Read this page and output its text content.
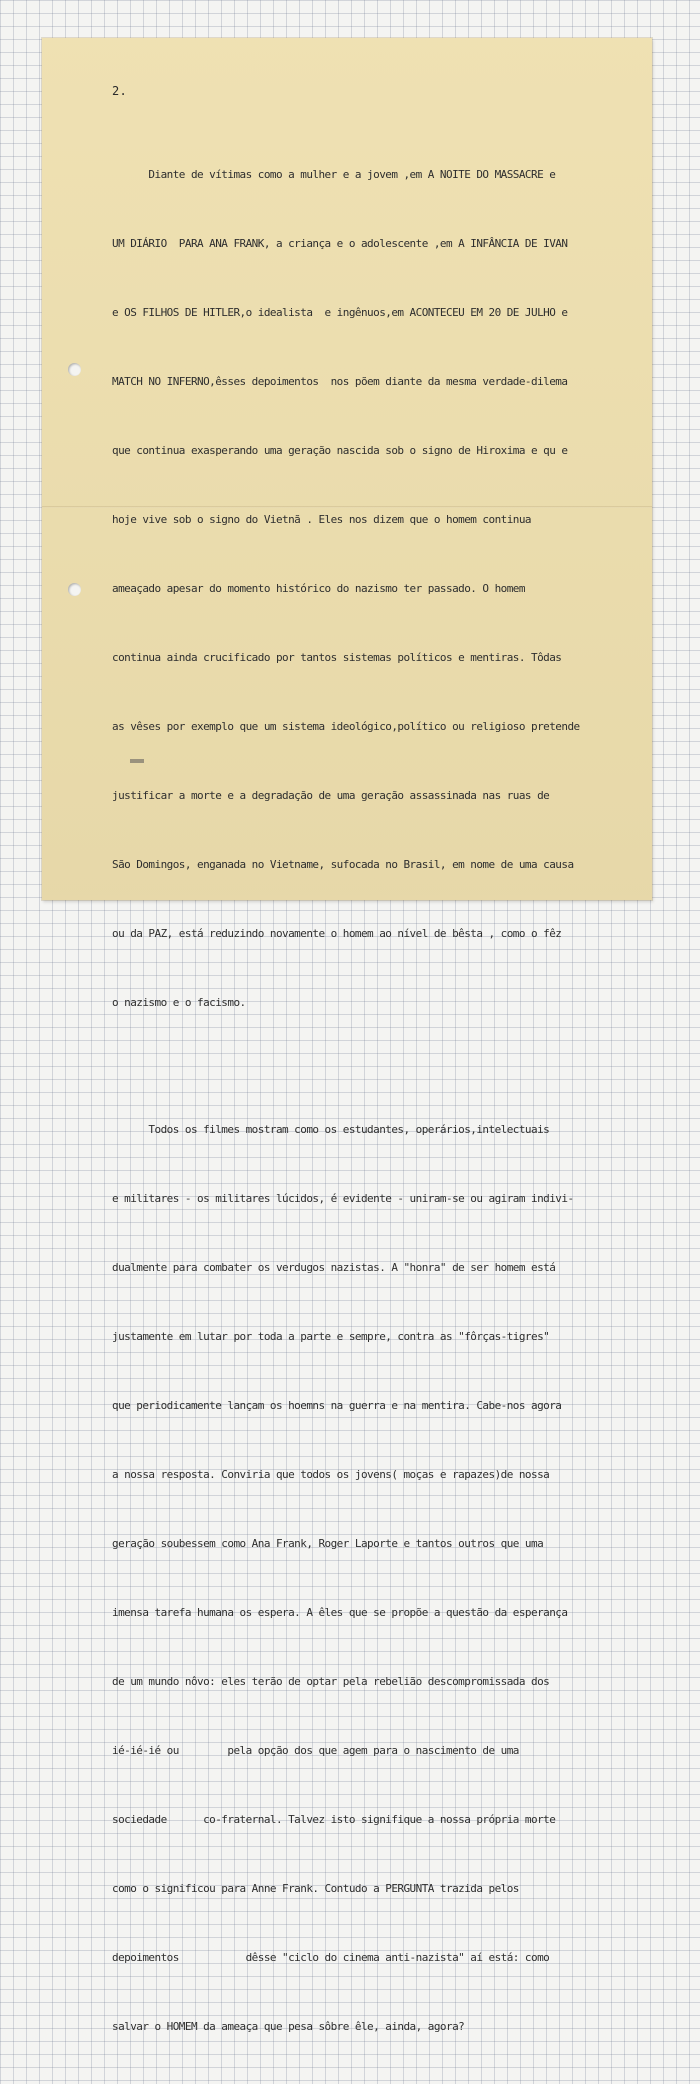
2.

Diante de vítimas como a mulher e a jovem ,em A NOITE DO MASSACRE e

UM DIÁRIO  PARA ANA FRANK, a criança e o adolescente ,em A INFÂNCIA DE IVAN

e OS FILHOS DE HITLER,o idealista  e ingênuos,em ACONTECEU EM 20 DE JULHO e

MATCH NO INFERNO,êsses depoimentos  nos põem diante da mesma verdade-dilema

que continua exasperando uma geração nascida sob o signo de Hiroxima e qu e

hoje vive sob o signo do Vietnã . Eles nos dizem que o homem continua

ameaçado apesar do momento histórico do nazismo ter passado. O homem

continua ainda crucificado por tantos sistemas políticos e mentiras. Tôdas

as vêses por exemplo que um sistema ideológico,político ou religioso pretende

justificar a morte e a degradação de uma geração assassinada nas ruas de

São Domingos, enganada no Vietname, sufocada no Brasil, em nome de uma causa

ou da PAZ, está reduzindo novamente o homem ao nível de bêsta , como o fêz

o nazismo e o facismo.

Todos os filmes mostram como os estudantes, operários,intelectuais

e militares - os militares lúcidos, é evidente - uniram-se ou agiram indivi-

dualmente para combater os verdugos nazistas. A "honra" de ser homem está

justamente em lutar por toda a parte e sempre, contra as "fôrças-tigres"

que periodicamente lançam os hoemns na guerra e na mentira. Cabe-nos agora

a nossa resposta. Conviria que todos os jovens( moças e rapazes)de nossa

geração soubessem como Ana Frank, Roger Laporte e tantos outros que uma

imensa tarefa humana os espera. A êles que se propõe a questão da esperança

de um mundo nôvo: eles terão de optar pela rebelião descompromissada dos

ié-ié-ié ou        pela opção dos que agem para o nascimento de uma

sociedade      co-fraternal. Talvez isto signifique a nossa própria morte

como o significou para Anne Frank. Contudo a PERGUNTA trazida pelos

depoimentos           dêsse "ciclo do cinema anti-nazista" aí está: como

salvar o HOMEM da ameaça que pesa sôbre êle, ainda, agora?
